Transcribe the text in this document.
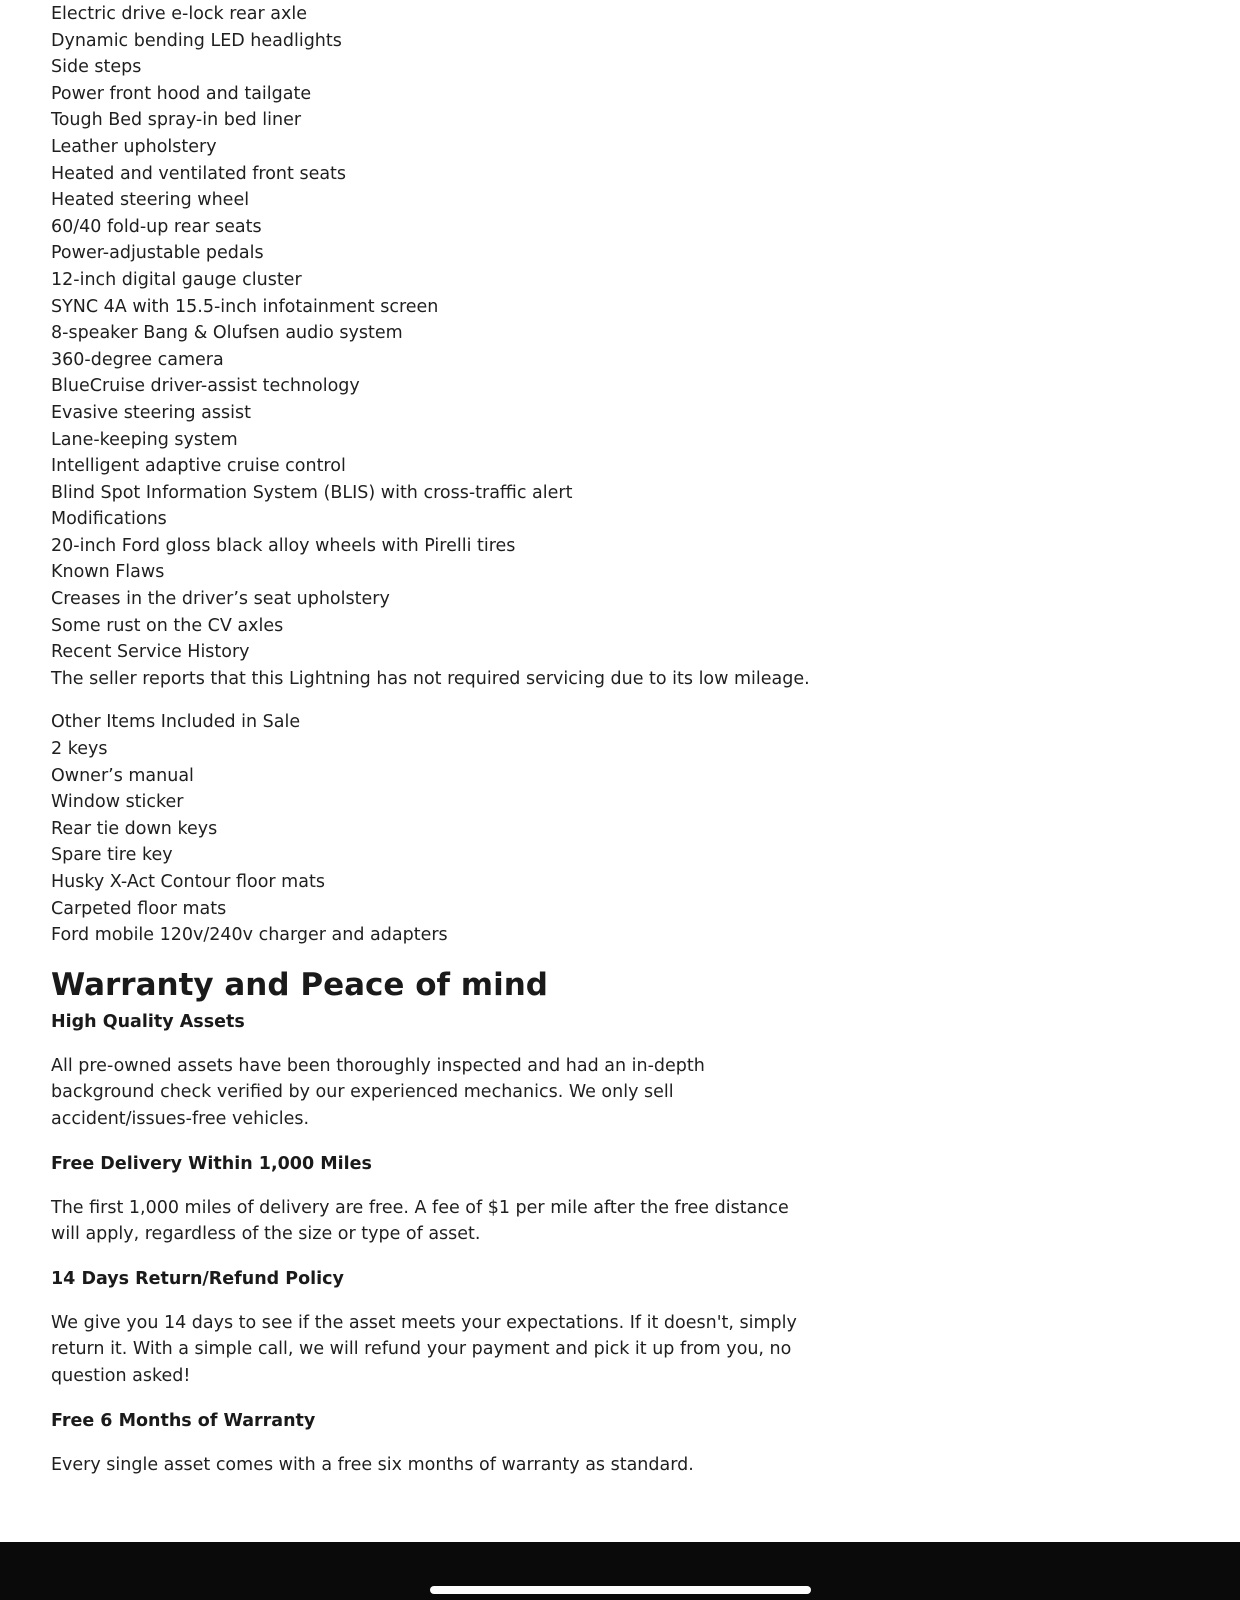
Electric drive e-lock rear axle
Dynamic bending LED headlights
Side steps
Power front hood and tailgate
Tough Bed spray-in bed liner
Leather upholstery
Heated and ventilated front seats
Heated steering wheel
60/40 fold-up rear seats
Power-adjustable pedals
12-inch digital gauge cluster
SYNC 4A with 15.5-inch infotainment screen
8-speaker Bang & Olufsen audio system
360-degree camera
BlueCruise driver-assist technology
Evasive steering assist
Lane-keeping system
Intelligent adaptive cruise control
Blind Spot Information System (BLIS) with cross-traffic alert
Modifications
20-inch Ford gloss black alloy wheels with Pirelli tires
Known Flaws
Creases in the driver’s seat upholstery
Some rust on the CV axles
Recent Service History
The seller reports that this Lightning has not required servicing due to its low mileage.
Other Items Included in Sale
2 keys
Owner’s manual
Window sticker
Rear tie down keys
Spare tire key
Husky X-Act Contour floor mats
Carpeted floor mats
Ford mobile 120v/240v charger and adapters
Warranty and Peace of mind
High Quality Assets

All pre-owned assets have been thoroughly inspected and had an in-depth background check verified by our experienced mechanics. We only sell accident/issues-free vehicles.

Free Delivery Within 1,000 Miles

The first 1,000 miles of delivery are free. A fee of $1 per mile after the free distance will apply, regardless of the size or type of asset.

14 Days Return/Refund Policy

We give you 14 days to see if the asset meets your expectations. If it doesn't, simply return it. With a simple call, we will refund your payment and pick it up from you, no question asked!

Free 6 Months of Warranty

Every single asset comes with a free six months of warranty as standard.
